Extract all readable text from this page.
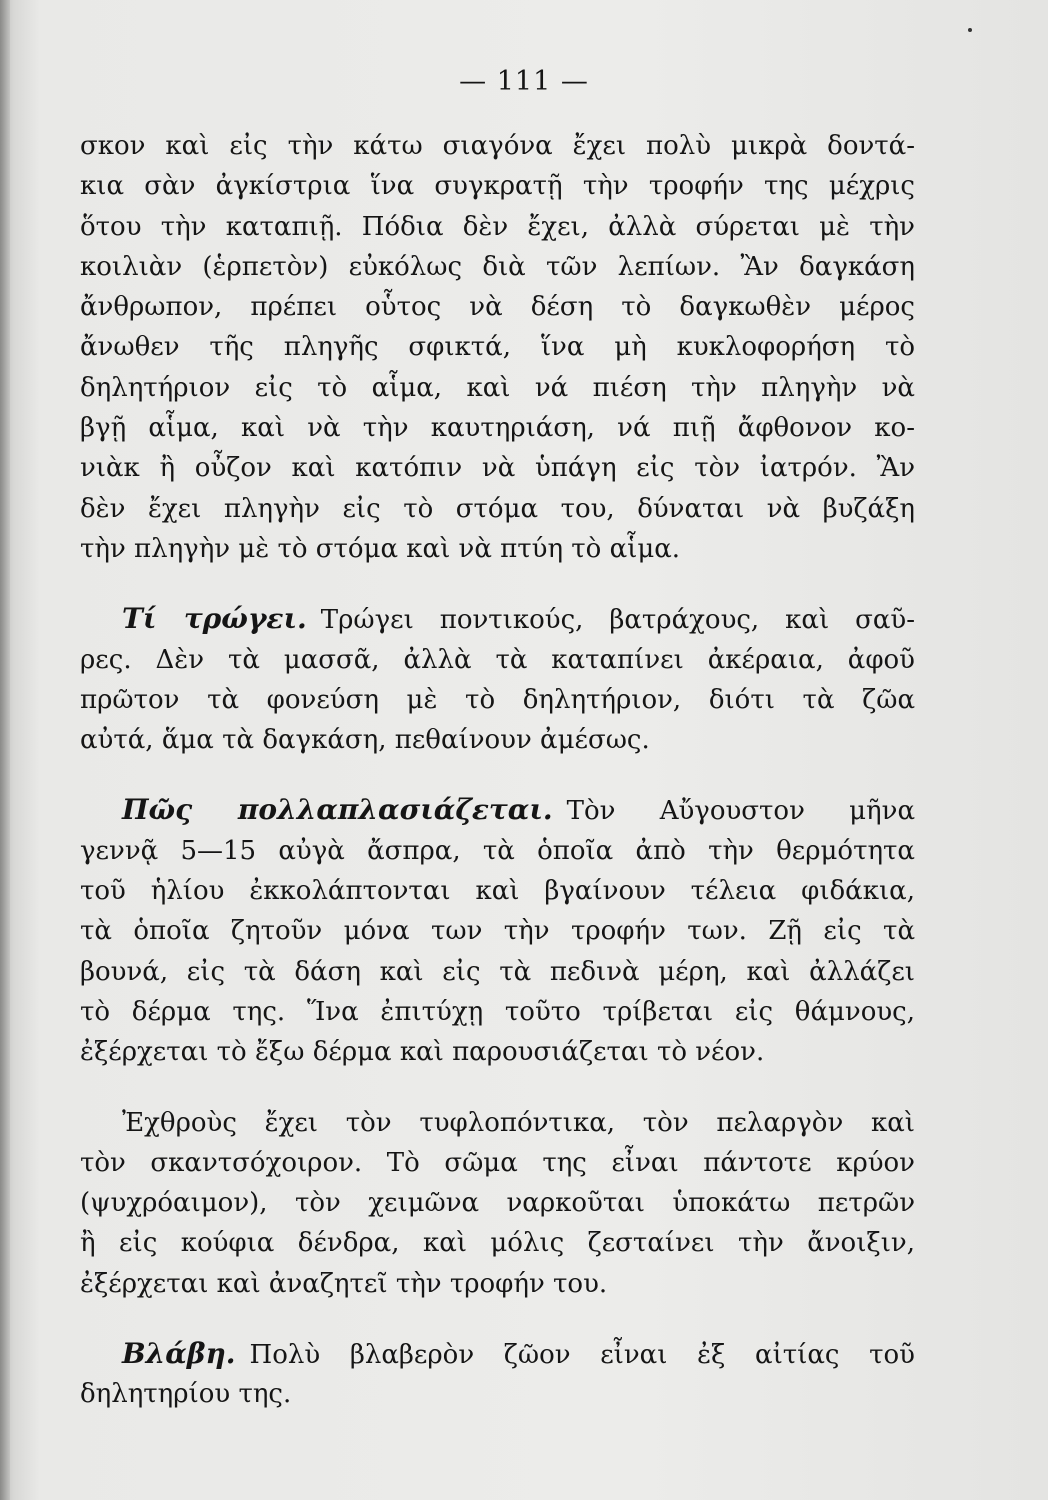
— 111 —
σκον καὶ εἰς τὴν κάτω σιαγόνα ἔχει πολὺ μικρὰ δοντά-
κια σὰν ἀγκίστρια ἵνα συγκρατῇ τὴν τροφήν της μέχρις
ὅτου τὴν καταπιῇ. Πόδια δὲν ἔχει, ἀλλὰ σύρεται μὲ τὴν
κοιλιὰν (ἑρπετὸν) εὐκόλως διὰ τῶν λεπίων. Ἂν δαγκάση
ἄνθρωπον, πρέπει οὗτος νὰ δέση τὸ δαγκωθὲν μέρος
ἄνωθεν τῆς πληγῆς σφικτά, ἵνα μὴ κυκλοφορήση τὸ
δηλητήριον εἰς τὸ αἷμα, καὶ νά πιέση τὴν πληγὴν νὰ
βγῇ αἷμα, καὶ νὰ τὴν καυτηριάση, νά πιῇ ἄφθονον κο-
νιὰκ ἢ οὖζον καὶ κατόπιν νὰ ὑπάγη εἰς τὸν ἰατρόν. Ἂν
δὲν ἔχει πληγὴν εἰς τὸ στόμα του, δύναται νὰ βυζάξη
τὴν πληγὴν μὲ τὸ στόμα καὶ νὰ πτύη τὸ αἷμα.
Τί τρώγει. Τρώγει ποντικούς, βατράχους, καὶ σαῦ-
ρες. Δὲν τὰ μασσᾶ, ἀλλὰ τὰ καταπίνει ἀκέραια, ἀφοῦ
πρῶτον τὰ φονεύση μὲ τὸ δηλητήριον, διότι τὰ ζῶα
αὐτά, ἅμα τὰ δαγκάση, πεθαίνουν ἀμέσως.
Πῶς πολλαπλασιάζεται. Τὸν Αὔγουστον μῆνα
γεννᾷ 5—15 αὐγὰ ἄσπρα, τὰ ὁποῖα ἀπὸ τὴν θερμότητα
τοῦ ἡλίου ἐκκολάπτονται καὶ βγαίνουν τέλεια φιδάκια,
τὰ ὁποῖα ζητοῦν μόνα των τὴν τροφήν των. Ζῇ εἰς τὰ
βουνά, εἰς τὰ δάση καὶ εἰς τὰ πεδινὰ μέρη, καὶ ἀλλάζει
τὸ δέρμα της. Ἵνα ἐπιτύχῃ τοῦτο τρίβεται εἰς θάμνους,
ἐξέρχεται τὸ ἔξω δέρμα καὶ παρουσιάζεται τὸ νέον.
Ἐχθροὺς ἔχει τὸν τυφλοπόντικα, τὸν πελαργὸν καὶ
τὸν σκαντσόχοιρον. Τὸ σῶμα της εἶναι πάντοτε κρύον
(ψυχρόαιμον), τὸν χειμῶνα ναρκοῦται ὑποκάτω πετρῶν
ἢ εἰς κούφια δένδρα, καὶ μόλις ζεσταίνει τὴν ἄνοιξιν,
ἐξέρχεται καὶ ἀναζητεῖ τὴν τροφήν του.
Βλάβη. Πολὺ βλαβερὸν ζῶον εἶναι ἐξ αἰτίας τοῦ
δηλητηρίου της.
